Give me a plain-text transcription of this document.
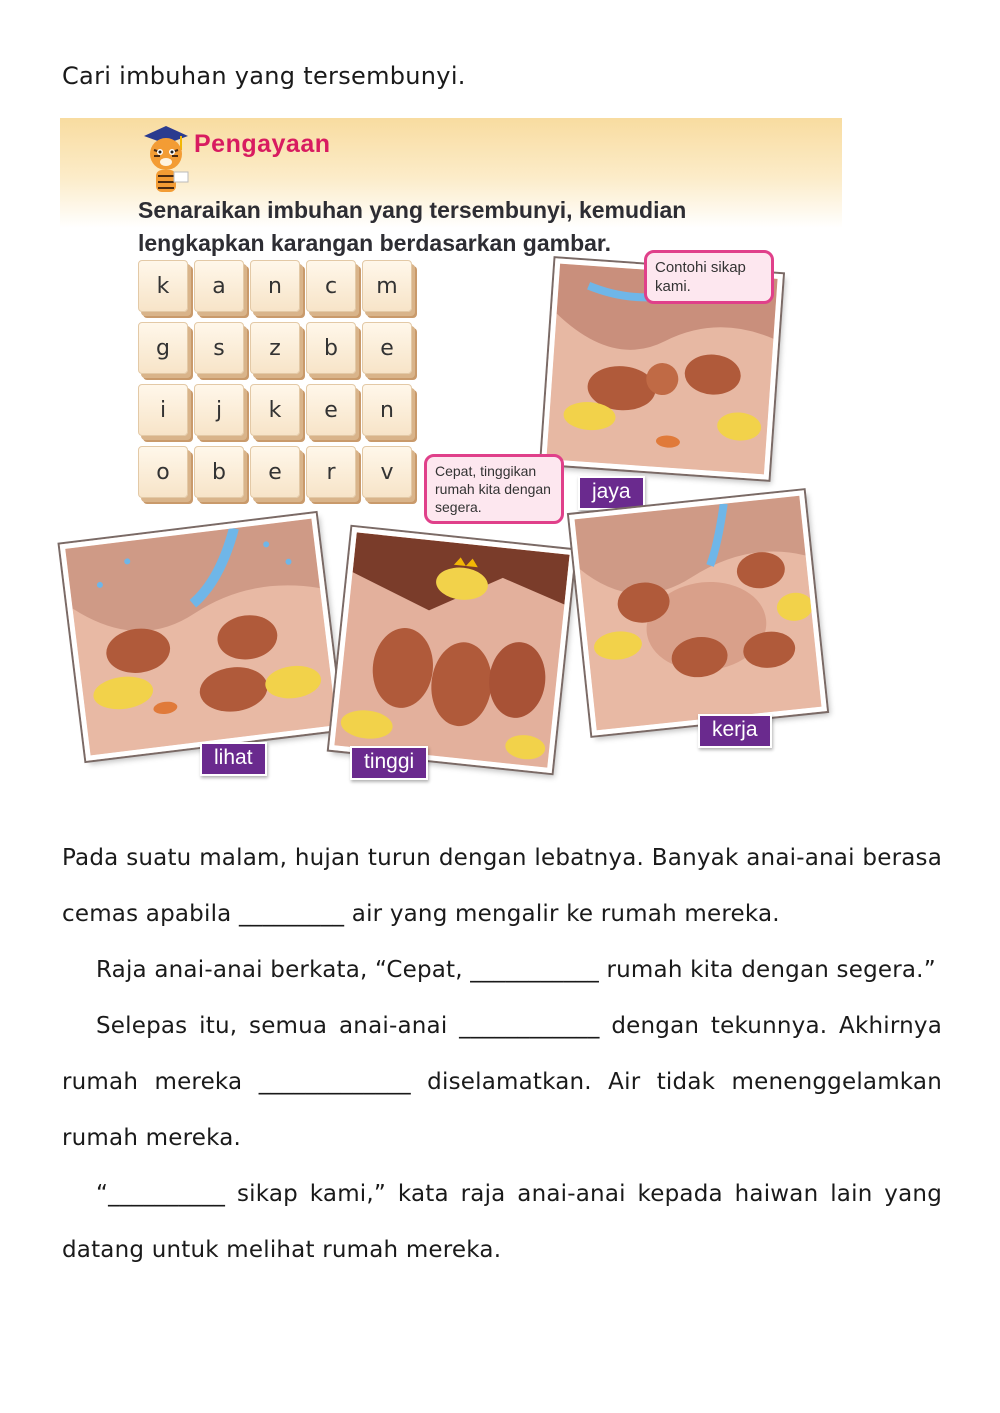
Cari imbuhan yang tersembunyi.
Pengayaan
Senaraikan imbuhan yang tersembunyi, kemudian
lengkapkan karangan berdasarkan gambar.
k	a	n	c	m
g	s	z	b	e
i	j	k	e	n
o	b	e	r	v
Contohi sikap kami.
jaya
lihat
Cepat, tinggikan rumah kita dengan segera.
tinggi
kerja

Pada suatu malam, hujan turun dengan lebatnya. Banyak anai-anai berasa cemas apabila _________ air yang mengalir ke rumah mereka.

Raja anai-anai berkata, “Cepat, ___________ rumah kita dengan segera.”

Selepas itu, semua anai-anai ____________ dengan tekunnya. Akhirnya rumah mereka _____________ diselamatkan. Air tidak menenggelamkan rumah mereka.

“__________ sikap kami,” kata raja anai-anai kepada haiwan lain yang datang untuk melihat rumah mereka.
